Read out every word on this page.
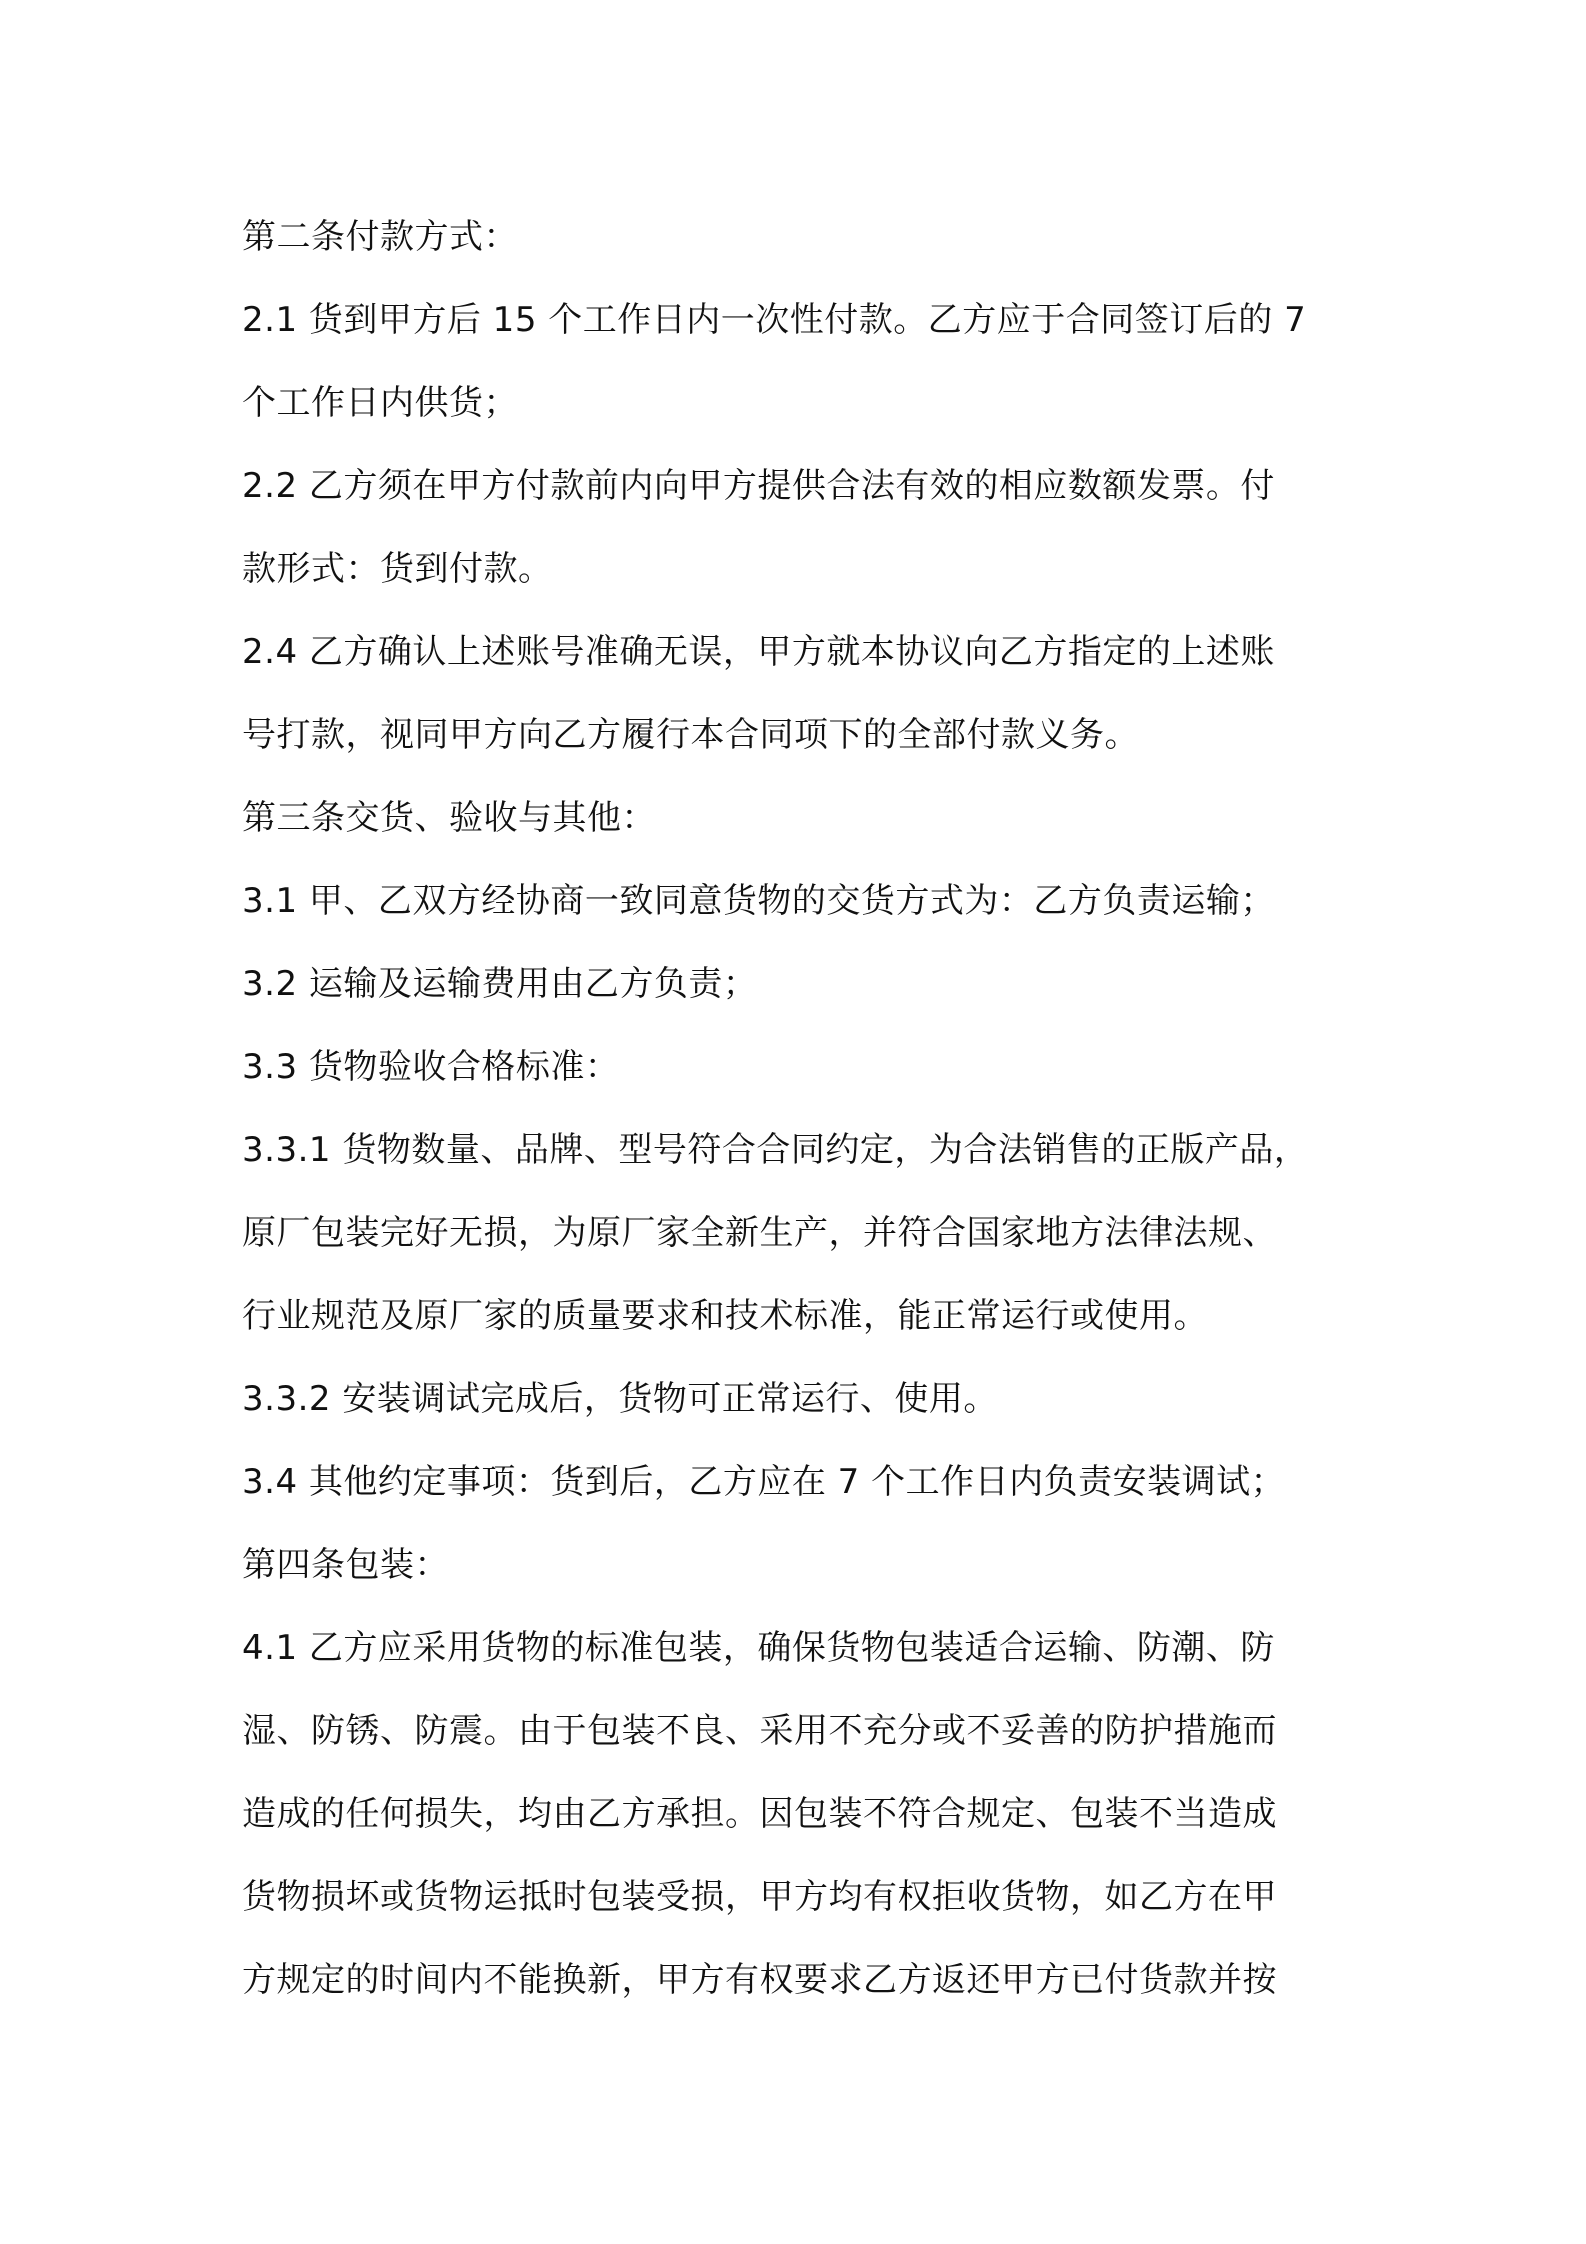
第二条付款方式：
2.1 货到甲方后 15 个工作日内一次性付款。乙方应于合同签订后的 7
个工作日内供货；
2.2 乙方须在甲方付款前内向甲方提供合法有效的相应数额发票。付
款形式：货到付款。
2.4 乙方确认上述账号准确无误，甲方就本协议向乙方指定的上述账
号打款，视同甲方向乙方履行本合同项下的全部付款义务。
第三条交货、验收与其他：
3.1 甲、乙双方经协商一致同意货物的交货方式为：乙方负责运输；
3.2 运输及运输费用由乙方负责；
3.3 货物验收合格标准：
3.3.1 货物数量、品牌、型号符合合同约定，为合法销售的正版产品，
原厂包装完好无损，为原厂家全新生产，并符合国家地方法律法规、
行业规范及原厂家的质量要求和技术标准，能正常运行或使用。
3.3.2 安装调试完成后，货物可正常运行、使用。
3.4 其他约定事项：货到后，乙方应在 7 个工作日内负责安装调试；
第四条包装：
4.1 乙方应采用货物的标准包装，确保货物包装适合运输、防潮、防
湿、防锈、防震。由于包装不良、采用不充分或不妥善的防护措施而
造成的任何损失，均由乙方承担。因包装不符合规定、包装不当造成
货物损坏或货物运抵时包装受损，甲方均有权拒收货物，如乙方在甲
方规定的时间内不能换新，甲方有权要求乙方返还甲方已付货款并按
